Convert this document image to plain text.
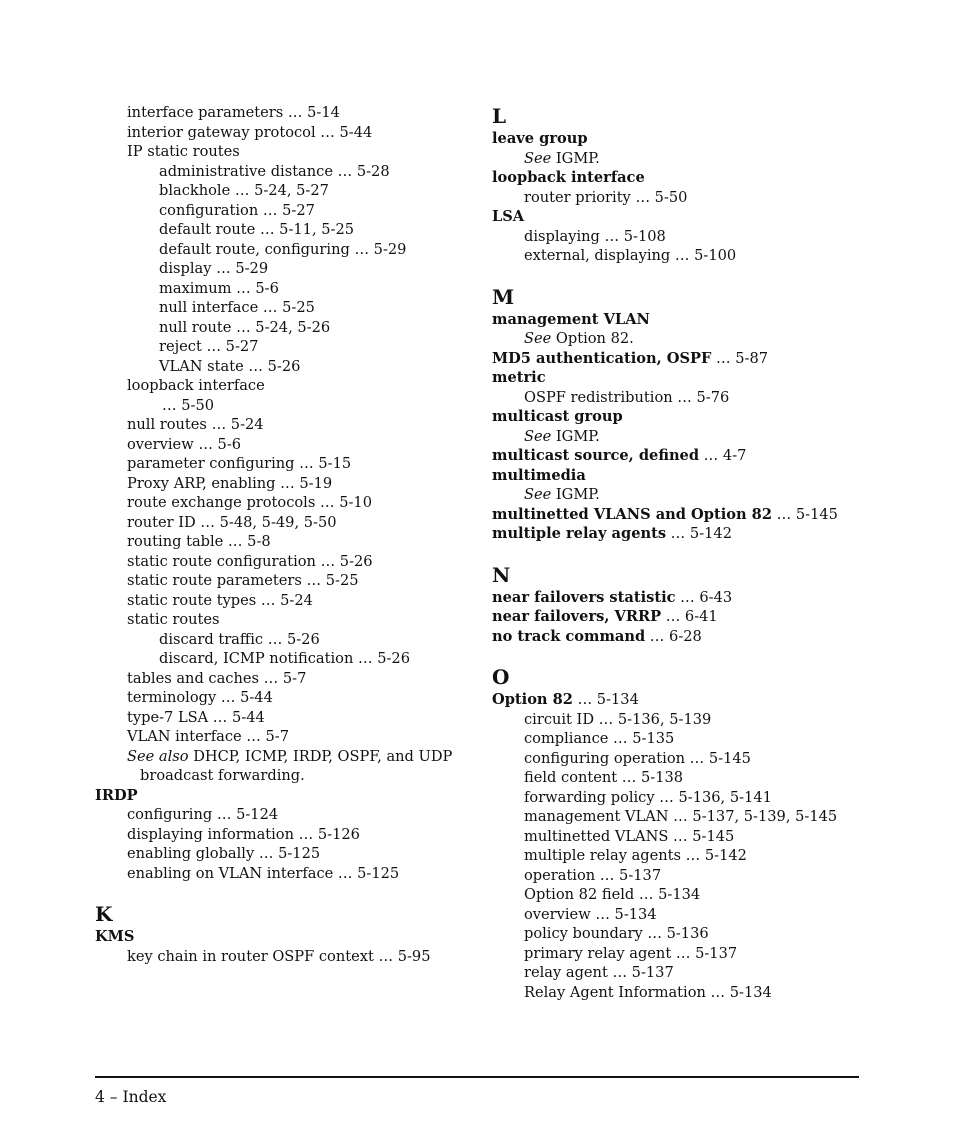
interface parameters … 5-14
interior gateway protocol … 5-44
IP static routes
administrative distance … 5-28
blackhole … 5-24, 5-27
configuration … 5-27
default route … 5-11, 5-25
default route, configuring … 5-29
display … 5-29
maximum … 5-6
null interface … 5-25
null route … 5-24, 5-26
reject … 5-27
VLAN state … 5-26
loopback interface
… 5-50
null routes … 5-24
overview … 5-6
parameter configuring … 5-15
Proxy ARP, enabling … 5-19
route exchange protocols … 5-10
router ID … 5-48, 5-49, 5-50
routing table … 5-8
static route configuration … 5-26
static route parameters … 5-25
static route types … 5-24
static routes
discard traffic … 5-26
discard, ICMP notification … 5-26
tables and caches … 5-7
terminology … 5-44
type-7 LSA … 5-44
VLAN interface … 5-7
See also DHCP, ICMP, IRDP, OSPF, and UDP
broadcast forwarding.
IRDP
configuring … 5-124
displaying information … 5-126
enabling globally … 5-125
enabling on VLAN interface … 5-125
K
KMS
key chain in router OSPF context … 5-95
L
leave group
See IGMP.
loopback interface
router priority … 5-50
LSA
displaying … 5-108
external, displaying … 5-100
M
management VLAN
See Option 82.
MD5 authentication, OSPF … 5-87
metric
OSPF redistribution … 5-76
multicast group
See IGMP.
multicast source, defined … 4-7
multimedia
See IGMP.
multinetted VLANS and Option 82 … 5-145
multiple relay agents … 5-142
N
near failovers statistic … 6-43
near failovers, VRRP … 6-41
no track command … 6-28
O
Option 82 … 5-134
circuit ID … 5-136, 5-139
compliance … 5-135
configuring operation … 5-145
field content … 5-138
forwarding policy … 5-136, 5-141
management VLAN … 5-137, 5-139, 5-145
multinetted VLANS … 5-145
multiple relay agents … 5-142
operation … 5-137
Option 82 field … 5-134
overview … 5-134
policy boundary … 5-136
primary relay agent … 5-137
relay agent … 5-137
Relay Agent Information … 5-134
4 – Index
